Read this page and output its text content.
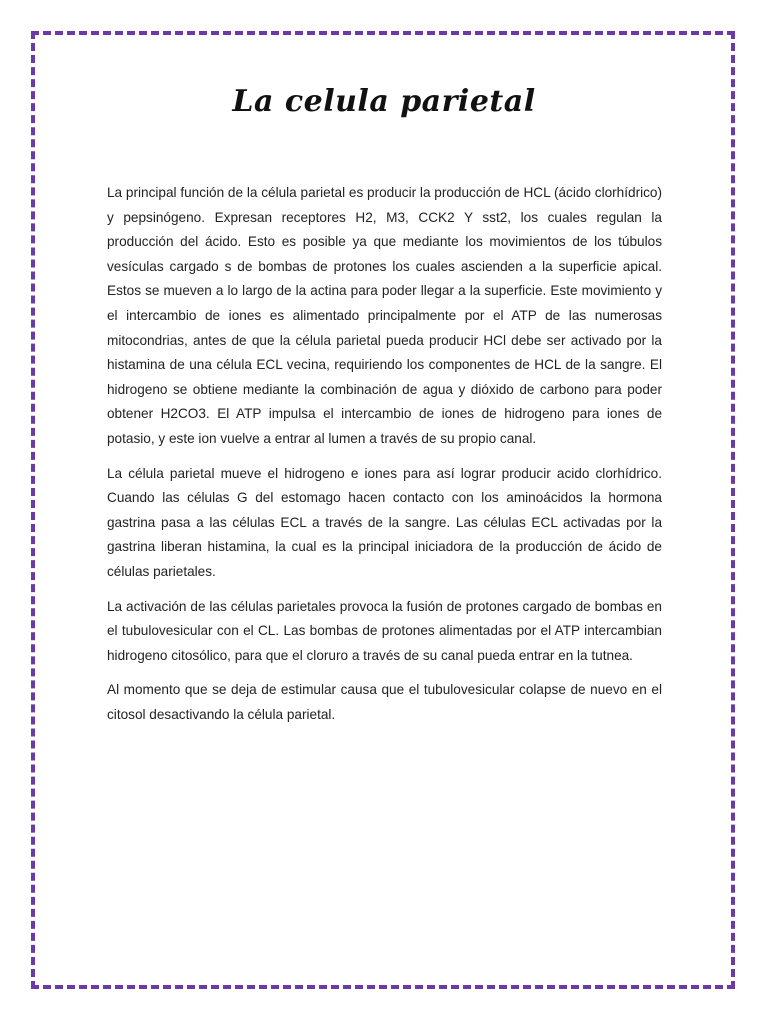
La celula parietal

La principal función de la célula parietal es producir la producción de HCL (ácido clorhídrico) y pepsinógeno. Expresan receptores H2, M3, CCK2 Y sst2, los cuales regulan la producción del ácido. Esto es posible ya que mediante los movimientos de los túbulos vesículas cargado s de bombas de protones los cuales ascienden a la superficie apical. Estos se mueven a lo largo de la actina para poder llegar a la superficie. Este movimiento y el intercambio de iones es alimentado principalmente por el ATP de las numerosas mitocondrias, antes de que la célula parietal pueda producir HCl debe ser activado por la histamina de una célula ECL vecina, requiriendo los componentes de HCL de la sangre. El hidrogeno se obtiene mediante la combinación de agua y dióxido de carbono para poder obtener H2CO3. El ATP impulsa el intercambio de iones de hidrogeno para iones de potasio, y este ion vuelve a entrar al lumen a través de su propio canal.

La célula parietal mueve el hidrogeno e iones para así lograr producir acido clorhídrico. Cuando las células G del estomago hacen contacto con los aminoácidos la hormona gastrina pasa a las células ECL a través de la sangre. Las células ECL activadas por la gastrina liberan histamina, la cual es la principal iniciadora de la producción de ácido de células parietales.

La activación de las células parietales provoca la fusión de protones cargado de bombas en el tubulovesicular con el CL. Las bombas de protones alimentadas por el ATP intercambian hidrogeno citosólico, para que el cloruro a través de su canal pueda entrar en la tutnea.

Al momento que se deja de estimular causa que el tubulovesicular colapse de nuevo en el citosol desactivando la célula parietal.
